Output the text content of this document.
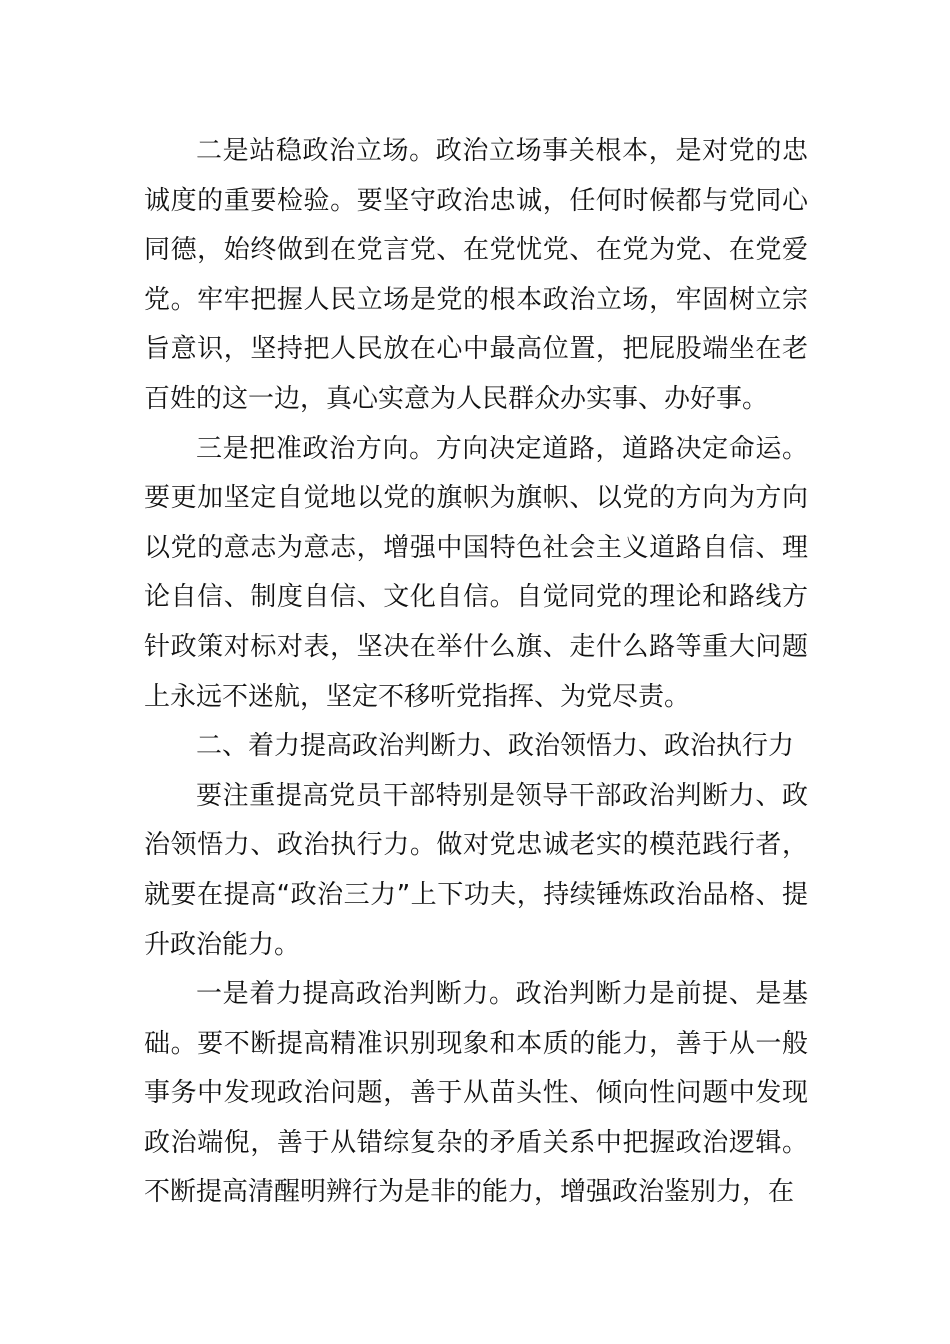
二是站稳政治立场。政治立场事关根本，是对党的忠诚度的重要检验。要坚守政治忠诚，任何时候都与党同心同德，始终做到在党言党、在党忧党、在党为党、在党爱党。牢牢把握人民立场是党的根本政治立场，牢固树立宗旨意识，坚持把人民放在心中最高位置，把屁股端坐在老百姓的这一边，真心实意为人民群众办实事、办好事。

三是把准政治方向。方向决定道路，道路决定命运。要更加坚定自觉地以党的旗帜为旗帜、以党的方向为方向以党的意志为意志，增强中国特色社会主义道路自信、理论自信、制度自信、文化自信。自觉同党的理论和路线方针政策对标对表，坚决在举什么旗、走什么路等重大问题上永远不迷航，坚定不移听党指挥、为党尽责。

二、着力提高政治判断力、政治领悟力、政治执行力

要注重提高党员干部特别是领导干部政治判断力、政治领悟力、政治执行力。做对党忠诚老实的模范践行者，就要在提高“政治三力”上下功夫，持续锤炼政治品格、提升政治能力。

一是着力提高政治判断力。政治判断力是前提、是基础。要不断提高精准识别现象和本质的能力，善于从一般事务中发现政治问题，善于从苗头性、倾向性问题中发现政治端倪，善于从错综复杂的矛盾关系中把握政治逻辑。不断提高清醒明辨行为是非的能力，增强政治鉴别力，在
